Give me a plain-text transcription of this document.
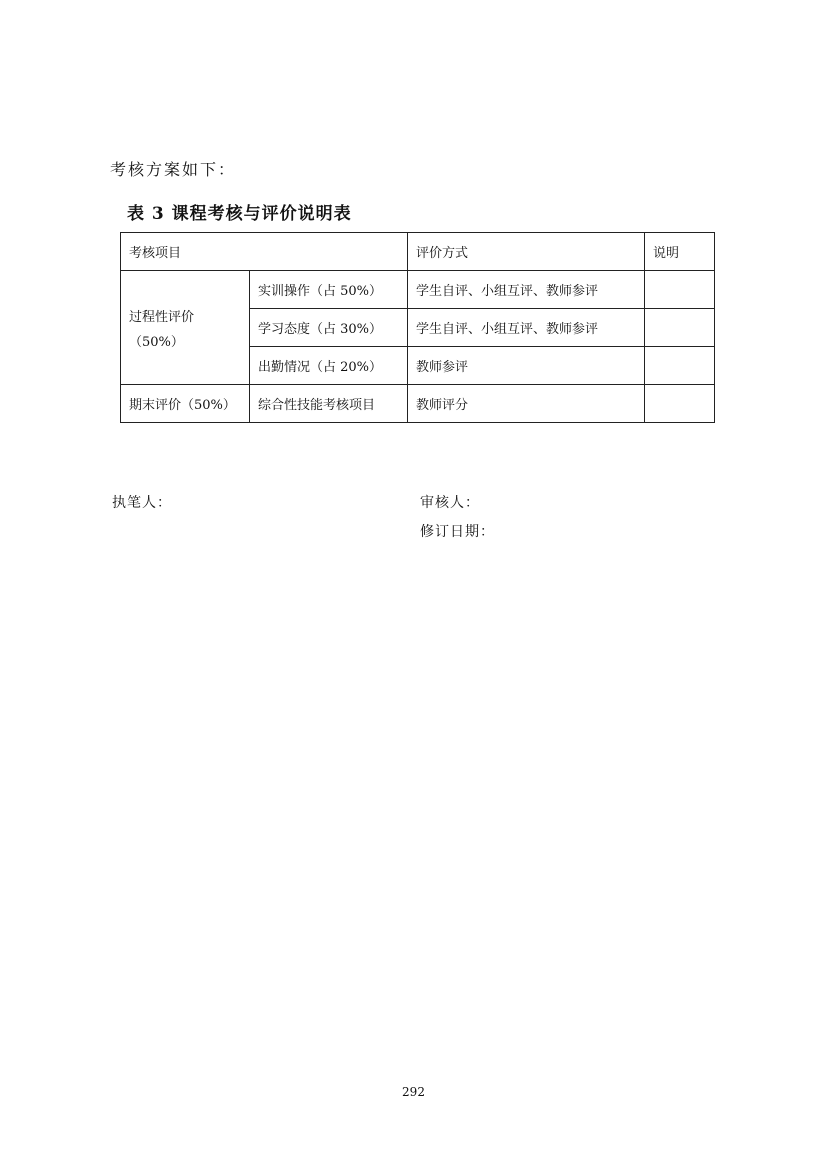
考核方案如下：
表 3 课程考核与评价说明表
考核项目		评价方式	说明

过程性评价
（50%）	实训操作（占 50%）	学生自评、小组互评、教师参评	
	学习态度（占 30%）	学生自评、小组互评、教师参评	
	出勤情况（占 20%）	教师参评	
期末评价（50%）	综合性技能考核项目	教师评分	
执笔人：	审核人：
修订日期：
292
